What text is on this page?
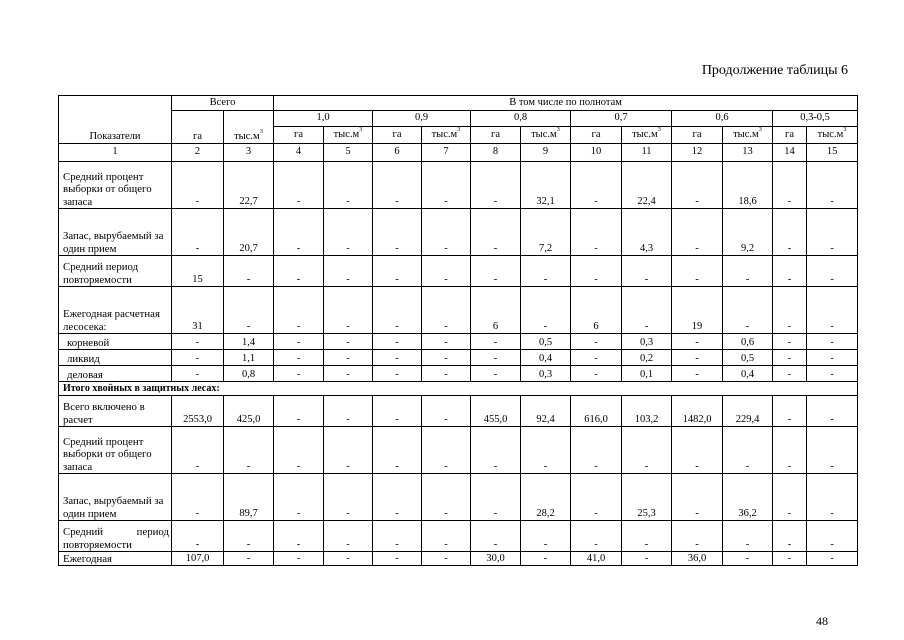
Продолжение таблицы 6
Показатели	Всего		В том числе по полнотам											
	га	$тыс.м^3$	1,0		0,9		0,8		0,7		0,6		0,3-0,5	
			га	$тыс.м^3$	га	$тыс.м^3$	га	$тыс.м^3$	га	$тыс.м^3$	га	$тыс.м^3$	га	$тыс.м^3$
1	2	3	4	5	6	7	8	9	10	11	12	13	14	15
Средний процент выборки от общего запаса	-	22,7	-	-	-	-	-	32,1	-	22,4	-	18,6	-	-
Запас, вырубаемый за один прием	-	20,7	-	-	-	-	-	7,2	-	4,3	-	9,2	-	-
Средний период повторяемости	15	-	-	-	-	-	-	-	-	-	-	-	-	-
Ежегодная расчетная лесосека:	31	-	-	-	-	-	6	-	6	-	19	-	-	-
корневой	-	1,4	-	-	-	-	-	0,5	-	0,3	-	0,6	-	-
ликвид	-	1,1	-	-	-	-	-	0,4	-	0,2	-	0,5	-	-
деловая	-	0,8	-	-	-	-	-	0,3	-	0,1	-	0,4	-	-
Итого хвойных в защитных лесах:														
Всего включено в расчет	2553,0	425,0	-	-	-	-	455,0	92,4	616,0	103,2	1482,0	229,4	-	-
Средний процент выборки от общего запаса	-	-	-	-	-	-	-	-	-	-	-	-	-	-
Запас, вырубаемый за один прием	-	89,7	-	-	-	-	-	28,2	-	25,3	-	36,2	-	-
Средний период повторяемости	-	-	-	-	-	-	-	-	-	-	-	-	-	-
Ежегодная	107,0	-	-	-	-	-	30,0	-	41,0	-	36,0	-	-	-
48
